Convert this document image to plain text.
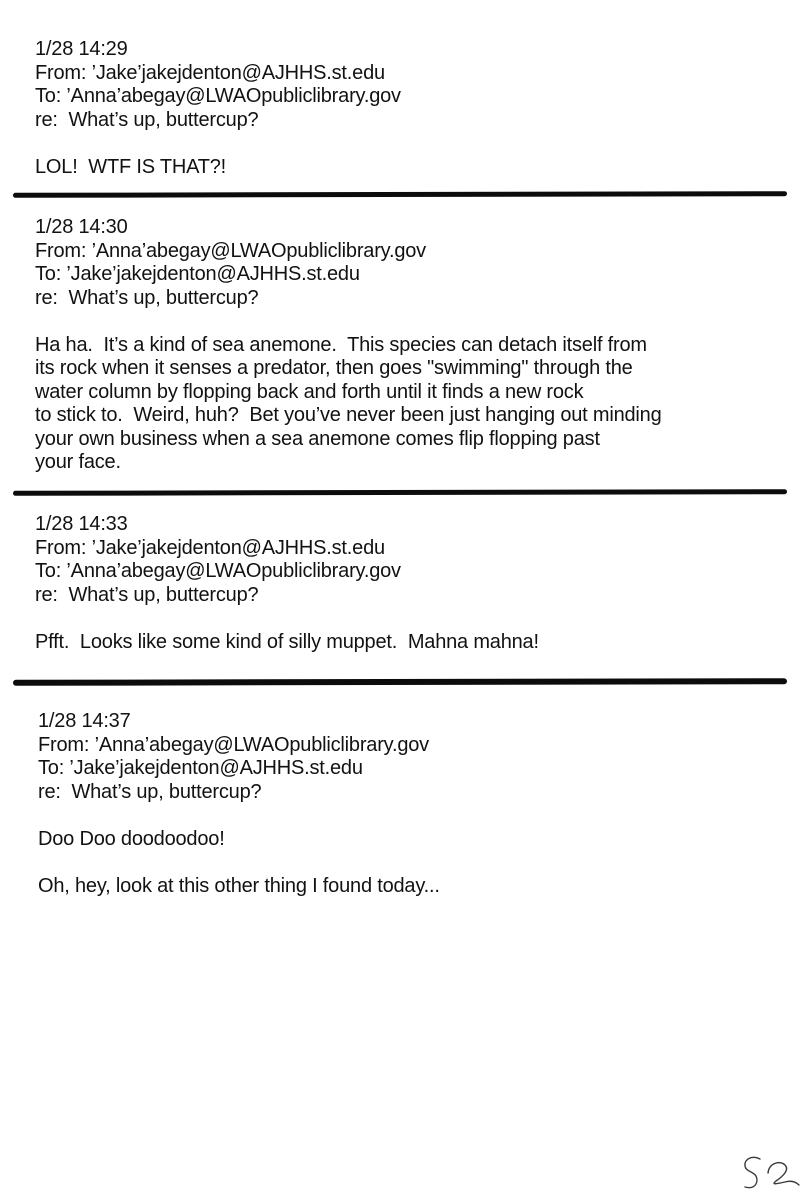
1/28 14:29
From: ’Jake’jakejdenton@AJHHS.st.edu
To: ’Anna’abegay@LWAOpubliclibrary.gov
re:  What’s up, buttercup?
LOL!  WTF IS THAT?!
1/28 14:30
From: ’Anna’abegay@LWAOpubliclibrary.gov
To: ’Jake’jakejdenton@AJHHS.st.edu
re:  What’s up, buttercup?
Ha ha.  It’s a kind of sea anemone.  This species can detach itself from
its rock when it senses a predator, then goes "swimming" through the
water column by flopping back and forth until it finds a new rock
to stick to.  Weird, huh?  Bet you’ve never been just hanging out minding
your own business when a sea anemone comes flip flopping past
your face.
1/28 14:33
From: ’Jake’jakejdenton@AJHHS.st.edu
To: ’Anna’abegay@LWAOpubliclibrary.gov
re:  What’s up, buttercup?
Pfft.  Looks like some kind of silly muppet.  Mahna mahna!
1/28 14:37
From: ’Anna’abegay@LWAOpubliclibrary.gov
To: ’Jake’jakejdenton@AJHHS.st.edu
re:  What’s up, buttercup?
Doo Doo doodoodoo!
Oh, hey, look at this other thing I found today...
